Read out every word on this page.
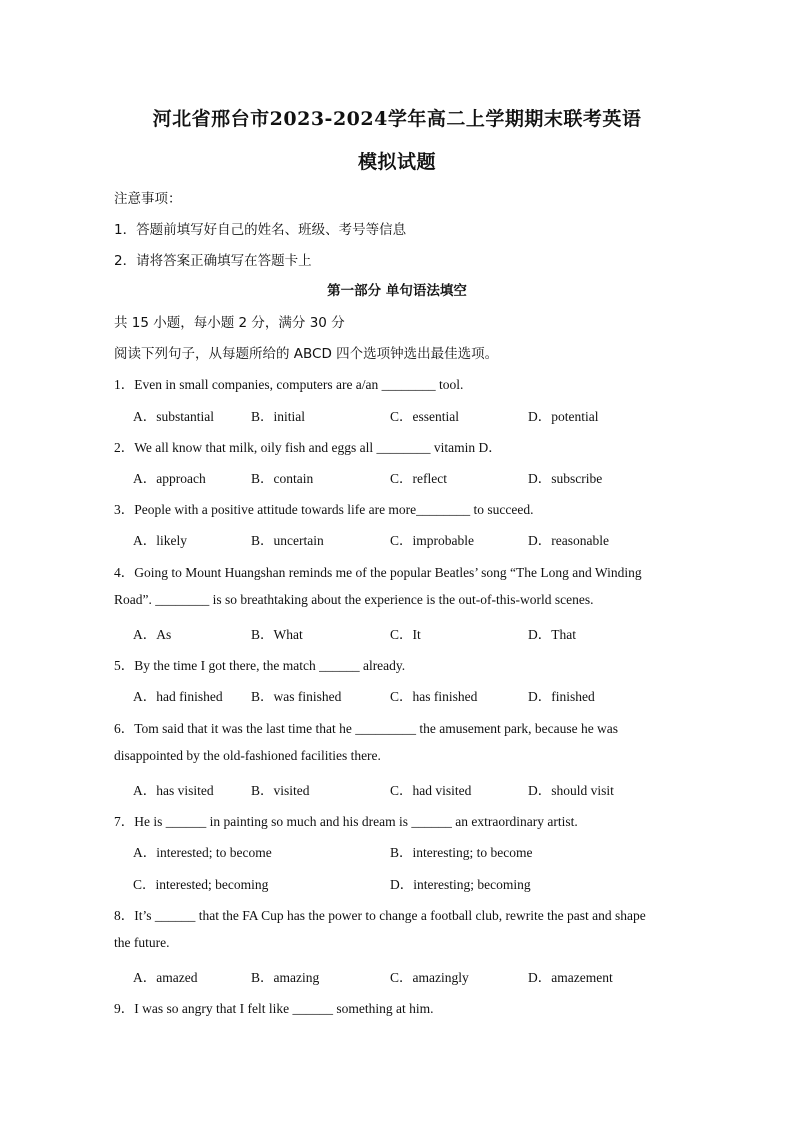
河北省邢台市2023-2024学年高二上学期期末联考英语
模拟试题
注意事项：
1．答题前填写好自己的姓名、班级、考号等信息
2．请将答案正确填写在答题卡上
第一部分 单句语法填空
共 15 小题，每小题 2 分，满分 30 分
阅读下列句子，从每题所给的 ABCD 四个选项钟选出最佳选项。
1．Even in small companies, computers are a/an ________ tool.
A．substantial	B．initial	C．essential	D．potential
2．We all know that milk, oily fish and eggs all ________ vitamin D．
A．approach	B．contain	C．reflect	D．subscribe
3．People with a positive attitude towards life are more________ to succeed.
A．likely	B．uncertain	C．improbable	D．reasonable
4．Going to Mount Huangshan reminds me of the popular Beatles’ song “The Long and Winding
Road”. ________ is so breathtaking about the experience is the out-of-this-world scenes.
A．As	B．What	C．It	D．That
5．By the time I got there, the match ______ already.
A．had finished B．was finished	C．has finished	D．finished
6．Tom said that it was the last time that he _________ the amusement park, because he was
disappointed by the old-fashioned facilities there.
A．has visited	B．visited	C．had visited	D．should visit
7．He is ______ in painting so much and his dream is ______ an extraordinary artist.
A．interested; to become	B．interesting; to become
C．interested; becoming	D．interesting; becoming
8．It’s ______ that the FA Cup has the power to change a football club, rewrite the past and shape
the future.
A．amazed	B．amazing	C．amazingly	D．amazement
9．I was so angry that I felt like ______ something at him.
